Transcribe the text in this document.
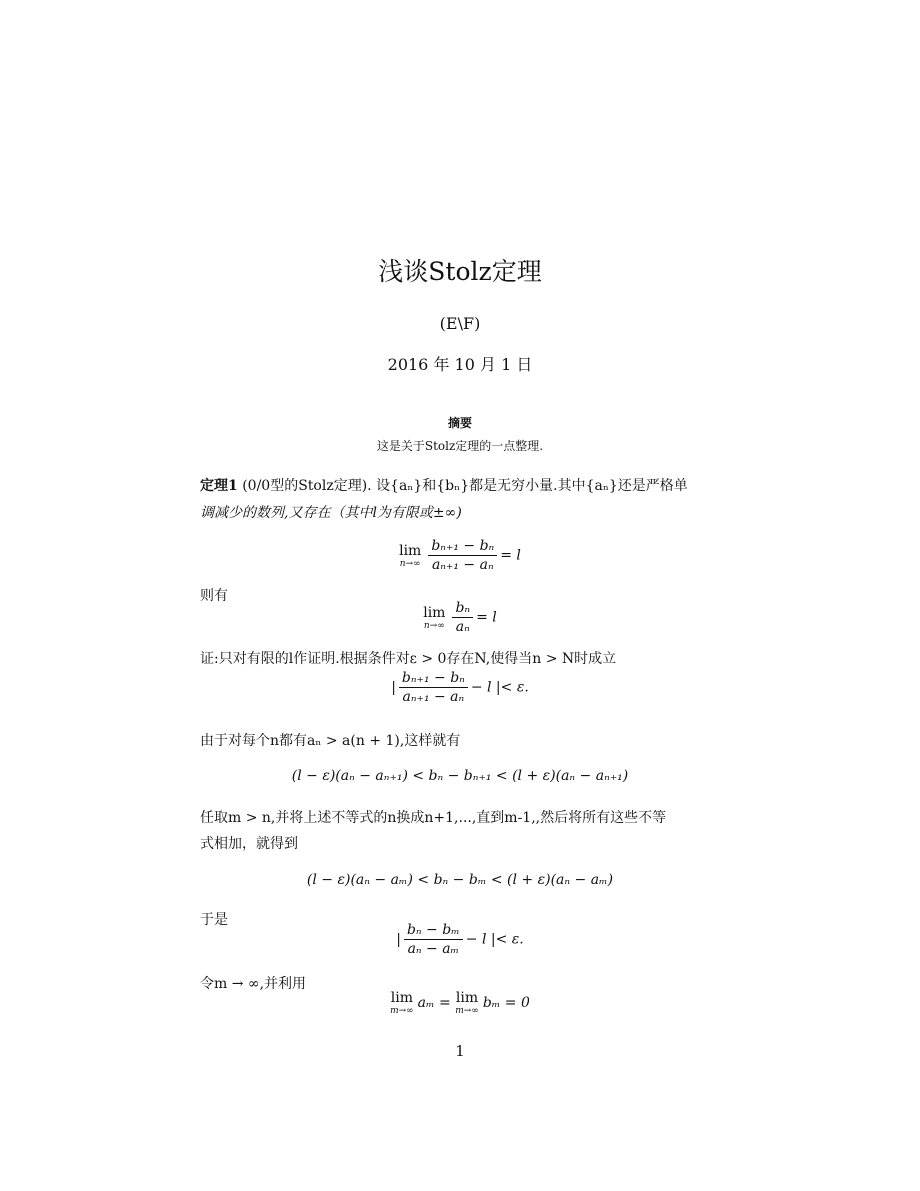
浅谈Stolz定理
(E\F)
2016 年 10 月 1 日
摘要
这是关于Stolz定理的一点整理.
定理1 (0/0型的Stolz定理). 设{aₙ}和{bₙ}都是无穷小量.其中{aₙ}还是严格单
调减少的数列,又存在（其中l为有限或±∞)
lim
$n\to\infty \frac{\text{bₙ₊₁ − bₙ}}{\text{aₙ₊₁ − aₙ}} = l$
则有
lim
$n\to\infty \frac{\text{bₙ}}{\text{aₙ}} = l$
证:只对有限的l作证明.根据条件对ε > 0存在N,使得当n > N时成立
| $\frac{\text{bₙ₊₁ − bₙ}}{\text{aₙ₊₁ − aₙ}} - l$ |< ε.
由于对每个n都有aₙ > a(n + 1),这样就有
(l − ε)(aₙ − aₙ₊₁) < bₙ − bₙ₊₁ < (l + ε)(aₙ − aₙ₊₁)
任取m > n,并将上述不等式的n换成n+1,...,直到m-1,,然后将所有这些不等
式相加，就得到
(l − ε)(aₙ − aₘ) < bₙ − bₘ < (l + ε)(aₙ − aₘ)
于是
| $\frac{\text{bₙ − bₘ}}{\text{aₙ − aₘ}} - l$ |< ε.
令m → ∞,并利用
lim
m→∞ aₘ = lim
m→∞ bₘ = 0
1
